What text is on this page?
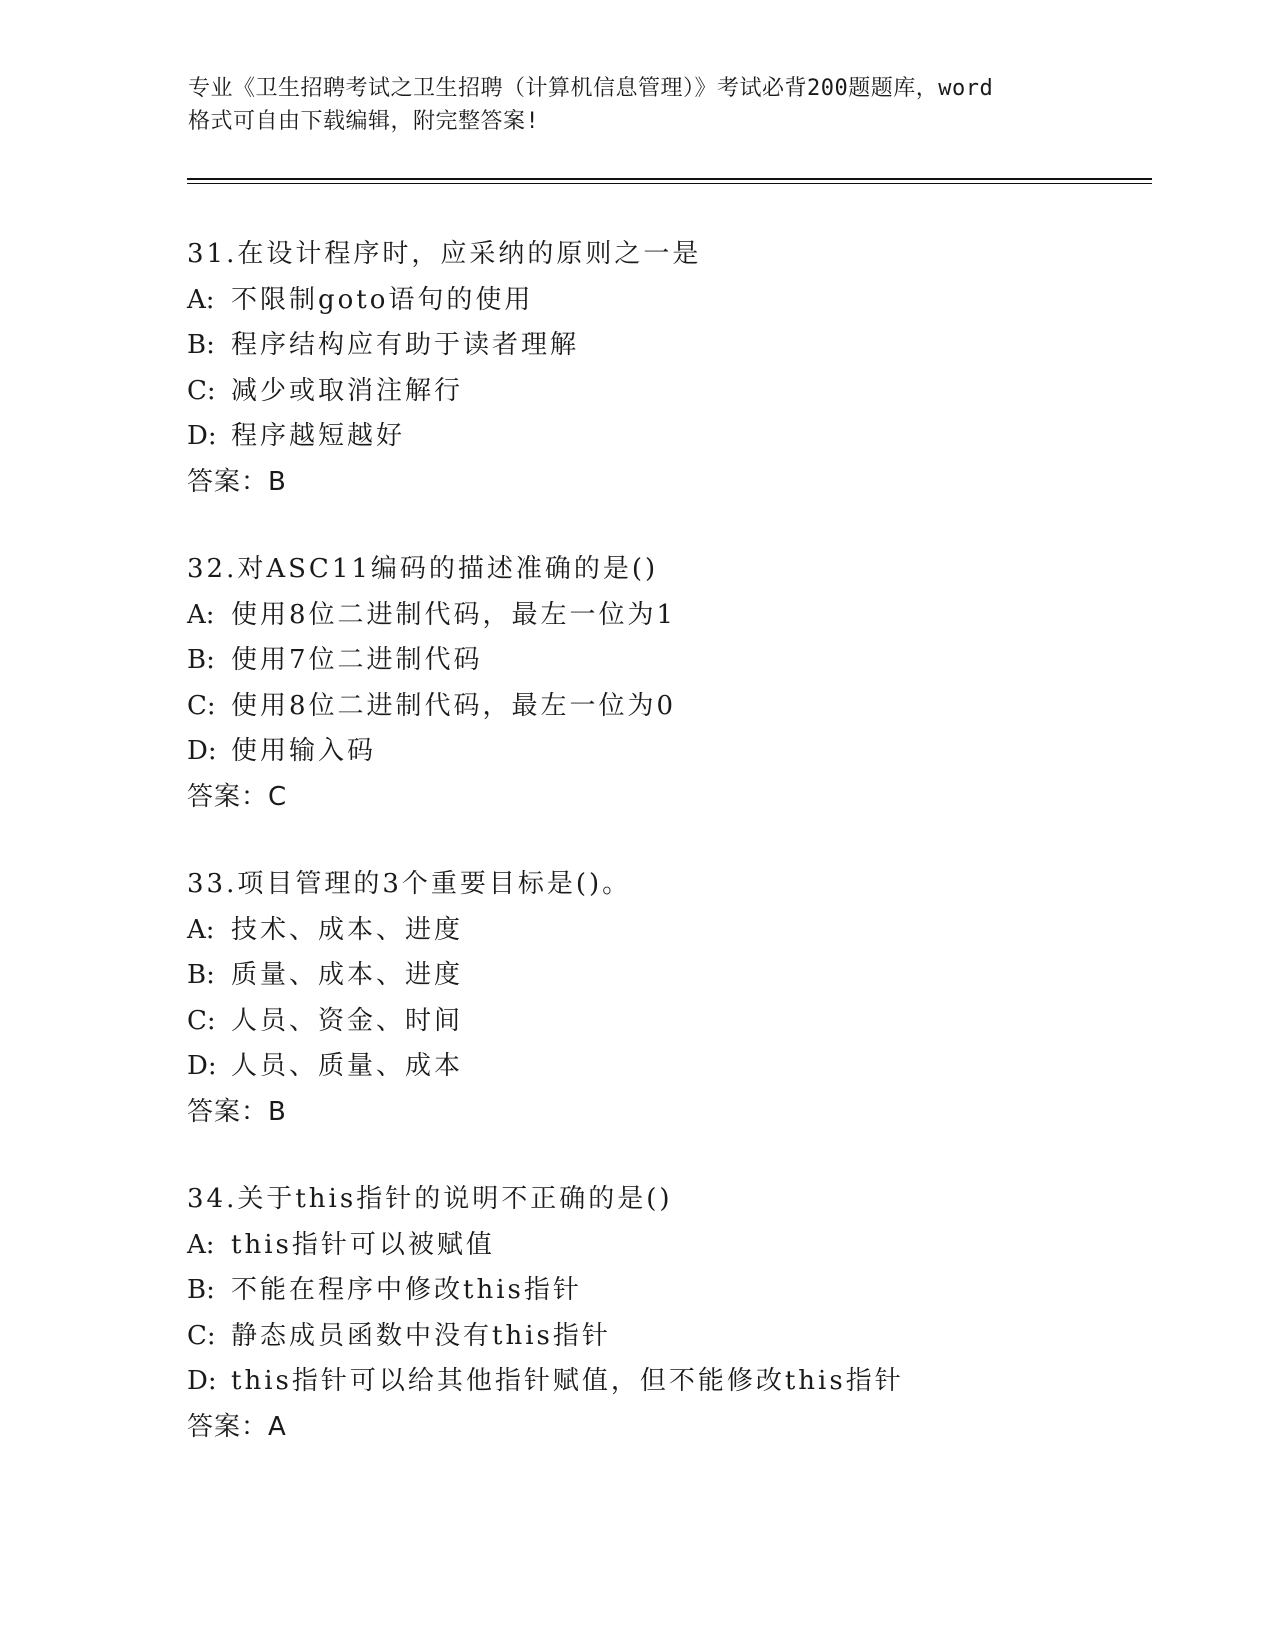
专业《卫生招聘考试之卫生招聘（计算机信息管理）》考试必背200题题库，word
格式可自由下载编辑，附完整答案!
31.在设计程序时，应采纳的原则之一是
A: 不限制goto语句的使用
B: 程序结构应有助于读者理解
C: 减少或取消注解行
D: 程序越短越好
答案：B
32.对ASC11编码的描述准确的是()
A: 使用8位二进制代码，最左一位为1
B: 使用7位二进制代码
C: 使用8位二进制代码，最左一位为0
D: 使用输入码
答案：C
33.项目管理的3个重要目标是()。
A: 技术、成本、进度
B: 质量、成本、进度
C: 人员、资金、时间
D: 人员、质量、成本
答案：B
34.关于this指针的说明不正确的是()
A: this指针可以被赋值
B: 不能在程序中修改this指针
C: 静态成员函数中没有this指针
D: this指针可以给其他指针赋值，但不能修改this指针
答案：A
